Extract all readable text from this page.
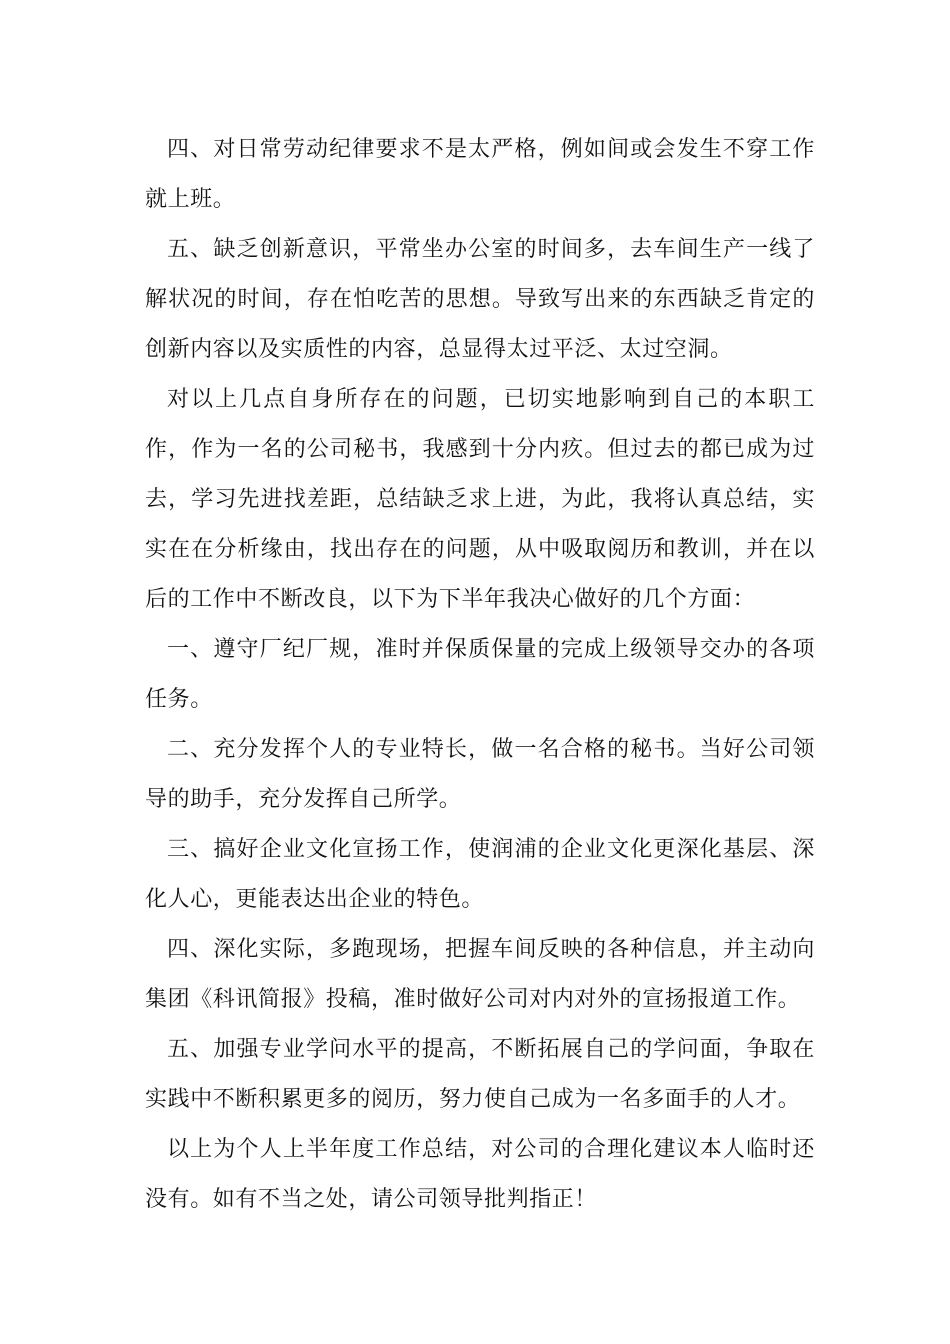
四、对日常劳动纪律要求不是太严格，例如间或会发生不穿工作就上班。

五、缺乏创新意识，平常坐办公室的时间多，去车间生产一线了解状况的时间，存在怕吃苦的思想。导致写出来的东西缺乏肯定的创新内容以及实质性的内容，总显得太过平泛、太过空洞。

对以上几点自身所存在的问题，已切实地影响到自己的本职工作，作为一名的公司秘书，我感到十分内疚。但过去的都已成为过去，学习先进找差距，总结缺乏求上进，为此，我将认真总结，实实在在分析缘由，找出存在的问题，从中吸取阅历和教训，并在以后的工作中不断改良，以下为下半年我决心做好的几个方面：

一、遵守厂纪厂规，准时并保质保量的完成上级领导交办的各项任务。

二、充分发挥个人的专业特长，做一名合格的秘书。当好公司领导的助手，充分发挥自己所学。

三、搞好企业文化宣扬工作，使润浦的企业文化更深化基层、深化人心，更能表达出企业的特色。

四、深化实际，多跑现场，把握车间反映的各种信息，并主动向集团《科讯简报》投稿，准时做好公司对内对外的宣扬报道工作。

五、加强专业学问水平的提高，不断拓展自己的学问面，争取在实践中不断积累更多的阅历，努力使自己成为一名多面手的人才。

以上为个人上半年度工作总结，对公司的合理化建议本人临时还没有。如有不当之处，请公司领导批判指正！
